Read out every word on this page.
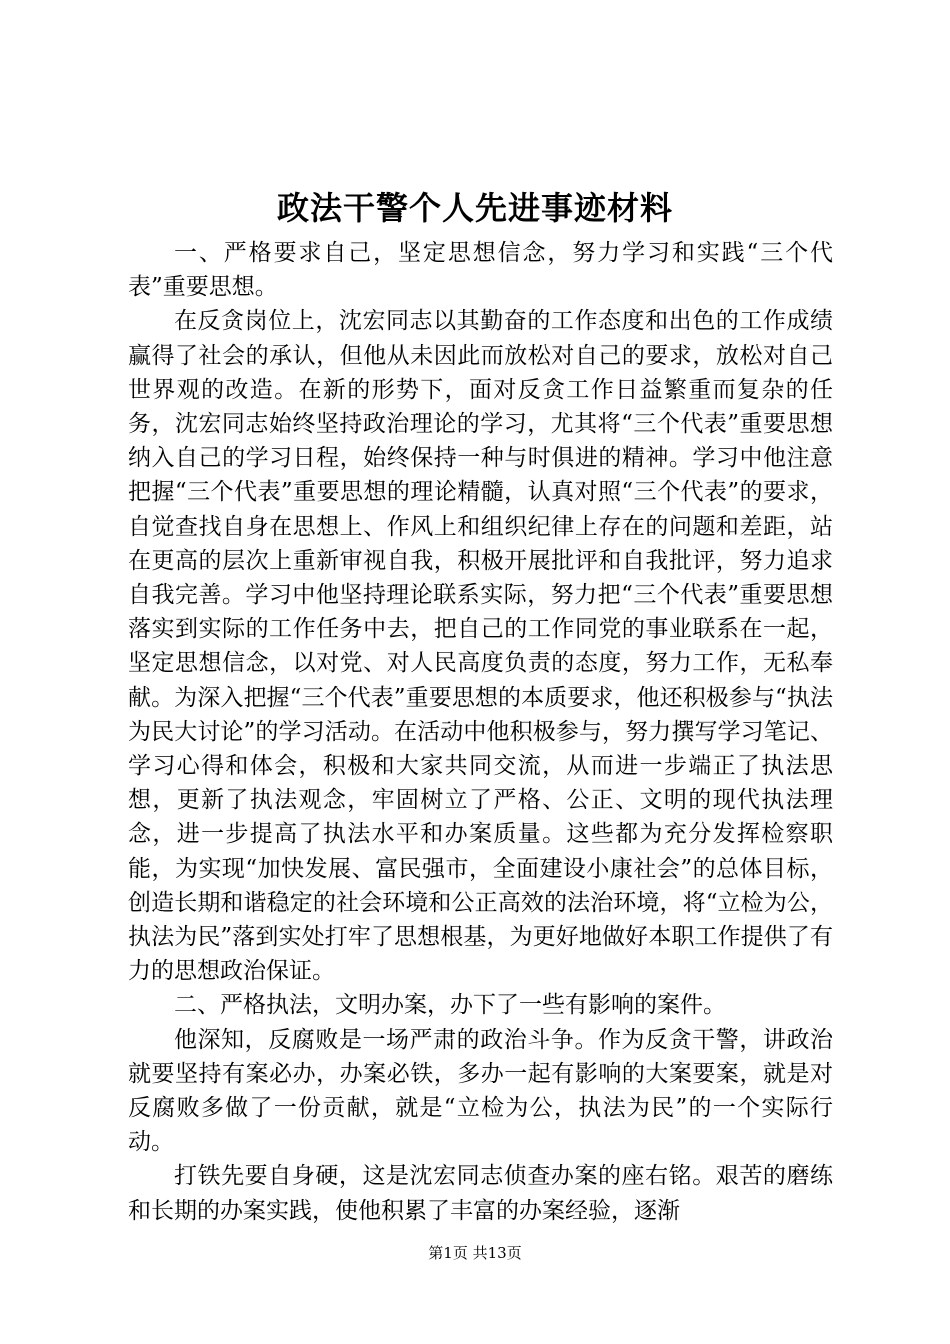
政法干警个人先进事迹材料

一、严格要求自己，坚定思想信念，努力学习和实践“三个代表”重要思想。

在反贪岗位上，沈宏同志以其勤奋的工作态度和出色的工作成绩赢得了社会的承认，但他从未因此而放松对自己的要求，放松对自己世界观的改造。在新的形势下，面对反贪工作日益繁重而复杂的任务，沈宏同志始终坚持政治理论的学习，尤其将“三个代表”重要思想纳入自己的学习日程，始终保持一种与时俱进的精神。学习中他注意把握“三个代表”重要思想的理论精髓，认真对照“三个代表”的要求，自觉查找自身在思想上、作风上和组织纪律上存在的问题和差距，站在更高的层次上重新审视自我，积极开展批评和自我批评，努力追求自我完善。学习中他坚持理论联系实际，努力把“三个代表”重要思想落实到实际的工作任务中去，把自己的工作同党的事业联系在一起，坚定思想信念，以对党、对人民高度负责的态度，努力工作，无私奉献。为深入把握“三个代表”重要思想的本质要求，他还积极参与“执法为民大讨论”的学习活动。在活动中他积极参与，努力撰写学习笔记、学习心得和体会，积极和大家共同交流，从而进一步端正了执法思想，更新了执法观念，牢固树立了严格、公正、文明的现代执法理念，进一步提高了执法水平和办案质量。这些都为充分发挥检察职能，为实现“加快发展、富民强市，全面建设小康社会”的总体目标，创造长期和谐稳定的社会环境和公正高效的法治环境，将“立检为公，执法为民”落到实处打牢了思想根基，为更好地做好本职工作提供了有力的思想政治保证。

二、严格执法，文明办案，办下了一些有影响的案件。

他深知，反腐败是一场严肃的政治斗争。作为反贪干警，讲政治就要坚持有案必办，办案必铁，多办一起有影响的大案要案，就是对反腐败多做了一份贡献，就是“立检为公，执法为民”的一个实际行动。

打铁先要自身硬，这是沈宏同志侦查办案的座右铭。艰苦的磨练和长期的办案实践，使他积累了丰富的办案经验，逐渐

第1页 共13页
